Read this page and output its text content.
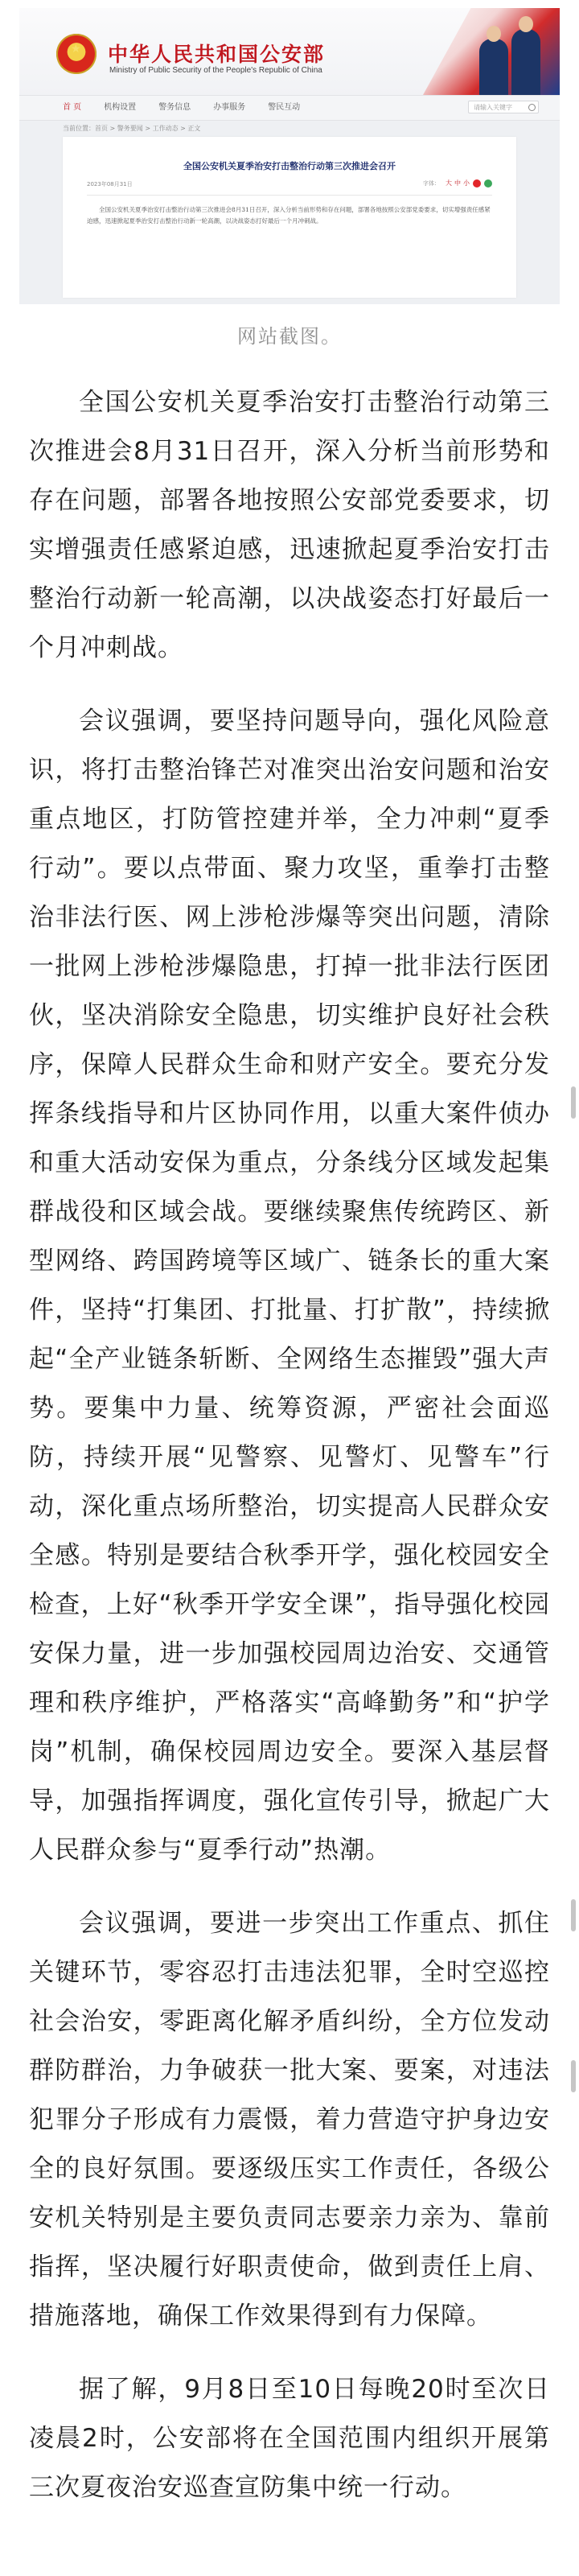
★ 中华人民共和国公安部
Ministry of Public Security of the People's Republic of China
首 页	机构设置	警务信息	办事服务	警民互动	请输入关键字
当前位置：首页 > 警务要闻 > 工作动态 > 正文
全国公安机关夏季治安打击整治行动第三次推进会召开
2023年08月31日	字体： 大 中 小
全国公安机关夏季治安打击整治行动第三次推进会8月31日召开，深入分析当前形势和存在问题，部署各地按照公安部党委要求，切实增强责任感紧迫感，迅速掀起夏季治安打击整治行动新一轮高潮，以决战姿态打好最后一个月冲刺战。
网站截图。

全国公安机关夏季治安打击整治行动第三次推进会8月31日召开，深入分析当前形势和存在问题，部署各地按照公安部党委要求，切实增强责任感紧迫感，迅速掀起夏季治安打击整治行动新一轮高潮，以决战姿态打好最后一个月冲刺战。

会议强调，要坚持问题导向，强化风险意识，将打击整治锋芒对准突出治安问题和治安重点地区，打防管控建并举，全力冲刺“夏季行动”。要以点带面、聚力攻坚，重拳打击整治非法行医、网上涉枪涉爆等突出问题，清除一批网上涉枪涉爆隐患，打掉一批非法行医团伙，坚决消除安全隐患，切实维护良好社会秩序，保障人民群众生命和财产安全。要充分发挥条线指导和片区协同作用，以重大案件侦办和重大活动安保为重点，分条线分区域发起集群战役和区域会战。要继续聚焦传统跨区、新型网络、跨国跨境等区域广、链条长的重大案件，坚持“打集团、打批量、打扩散”，持续掀起“全产业链条斩断、全网络生态摧毁”强大声势。要集中力量、统筹资源，严密社会面巡防，持续开展“见警察、见警灯、见警车”行动，深化重点场所整治，切实提高人民群众安全感。特别是要结合秋季开学，强化校园安全检查，上好“秋季开学安全课”，指导强化校园安保力量，进一步加强校园周边治安、交通管理和秩序维护，严格落实“高峰勤务”和“护学岗”机制，确保校园周边安全。要深入基层督导，加强指挥调度，强化宣传引导，掀起广大人民群众参与“夏季行动”热潮。

会议强调，要进一步突出工作重点、抓住关键环节，零容忍打击违法犯罪，全时空巡控社会治安，零距离化解矛盾纠纷，全方位发动群防群治，力争破获一批大案、要案，对违法犯罪分子形成有力震慑，着力营造守护身边安全的良好氛围。要逐级压实工作责任，各级公安机关特别是主要负责同志要亲力亲为、靠前指挥，坚决履行好职责使命，做到责任上肩、措施落地，确保工作效果得到有力保障。

据了解，9月8日至10日每晚20时至次日凌晨2时，公安部将在全国范围内组织开展第三次夏夜治安巡查宣防集中统一行动。
